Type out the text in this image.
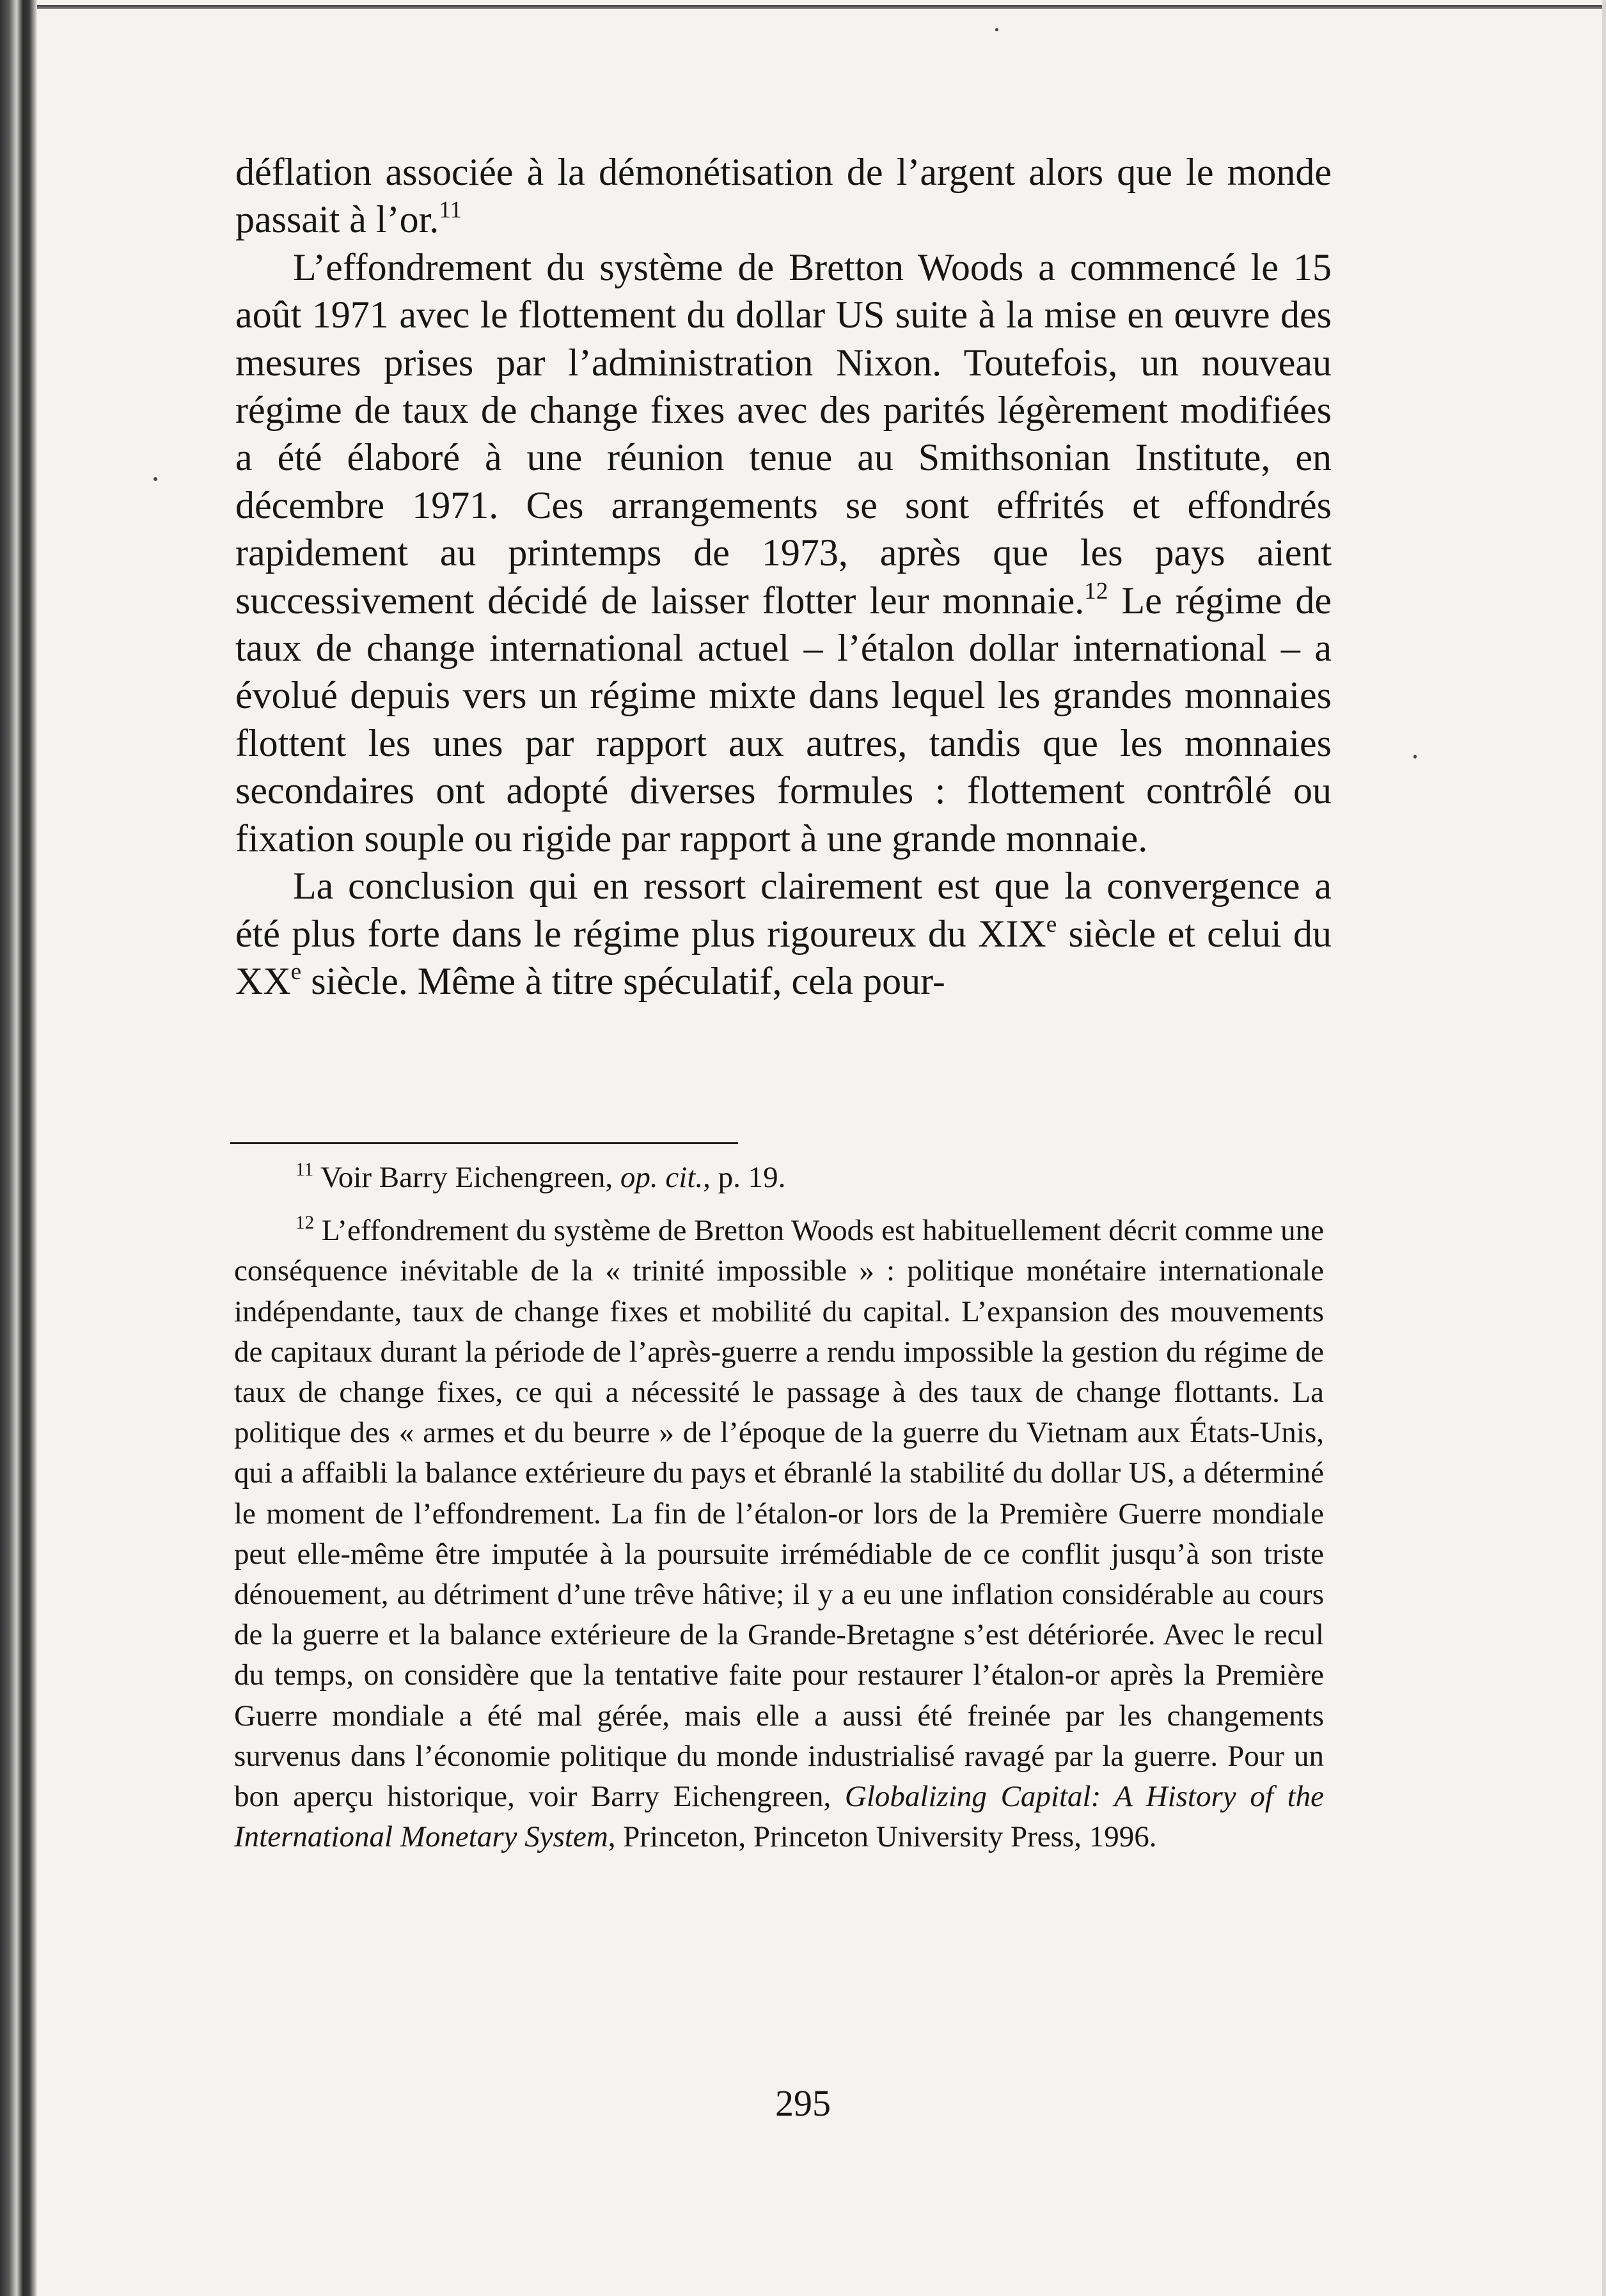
déflation associée à la démonétisation de l’argent alors que le monde passait à l’or.$^{11}$

L’effondrement du système de Bretton Woods a commencé le 15 août 1971 avec le flottement du dollar US suite à la mise en œuvre des mesures prises par l’administration Nixon. Toutefois, un nouveau régime de taux de change fixes avec des parités légèrement modifiées a été élaboré à une réunion tenue au Smithsonian Institute, en décembre 1971. Ces arrangements se sont effrités et effondrés rapidement au printemps de 1973, après que les pays aient successivement décidé de laisser flotter leur monnaie.$^{12}$ Le régime de taux de change international actuel – l’étalon dollar international – a évolué depuis vers un régime mixte dans lequel les grandes monnaies flottent les unes par rapport aux autres, tandis que les monnaies secondaires ont adopté diverses formules : flottement contrôlé ou fixation souple ou rigide par rapport à une grande monnaie.

La conclusion qui en ressort clairement est que la convergence a été plus forte dans le régime plus rigoureux du XIXe siècle et celui du XXe siècle. Même à titre spéculatif, cela pour-

$^{11}$ Voir Barry Eichengreen, op. cit., p. 19.

$^{12}$ L’effondrement du système de Bretton Woods est habituellement décrit comme une conséquence inévitable de la « trinité impossible » : politique monétaire internationale indépendante, taux de change fixes et mobilité du capital. L’expansion des mouvements de capitaux durant la période de l’après-guerre a rendu impossible la gestion du régime de taux de change fixes, ce qui a nécessité le passage à des taux de change flottants. La politique des « armes et du beurre » de l’époque de la guerre du Vietnam aux États-Unis, qui a affaibli la balance extérieure du pays et ébranlé la stabilité du dollar US, a déterminé le moment de l’effondrement. La fin de l’étalon-or lors de la Première Guerre mondiale peut elle-même être imputée à la poursuite irrémédiable de ce conflit jusqu’à son triste dénouement, au détriment d’une trêve hâtive; il y a eu une inflation considérable au cours de la guerre et la balance extérieure de la Grande-Bretagne s’est détériorée. Avec le recul du temps, on considère que la tentative faite pour restaurer l’étalon-or après la Première Guerre mondiale a été mal gérée, mais elle a aussi été freinée par les changements survenus dans l’économie politique du monde industrialisé ravagé par la guerre. Pour un bon aperçu historique, voir Barry Eichengreen, Globalizing Capital: A History of the International Monetary System, Princeton, Princeton University Press, 1996.

295
